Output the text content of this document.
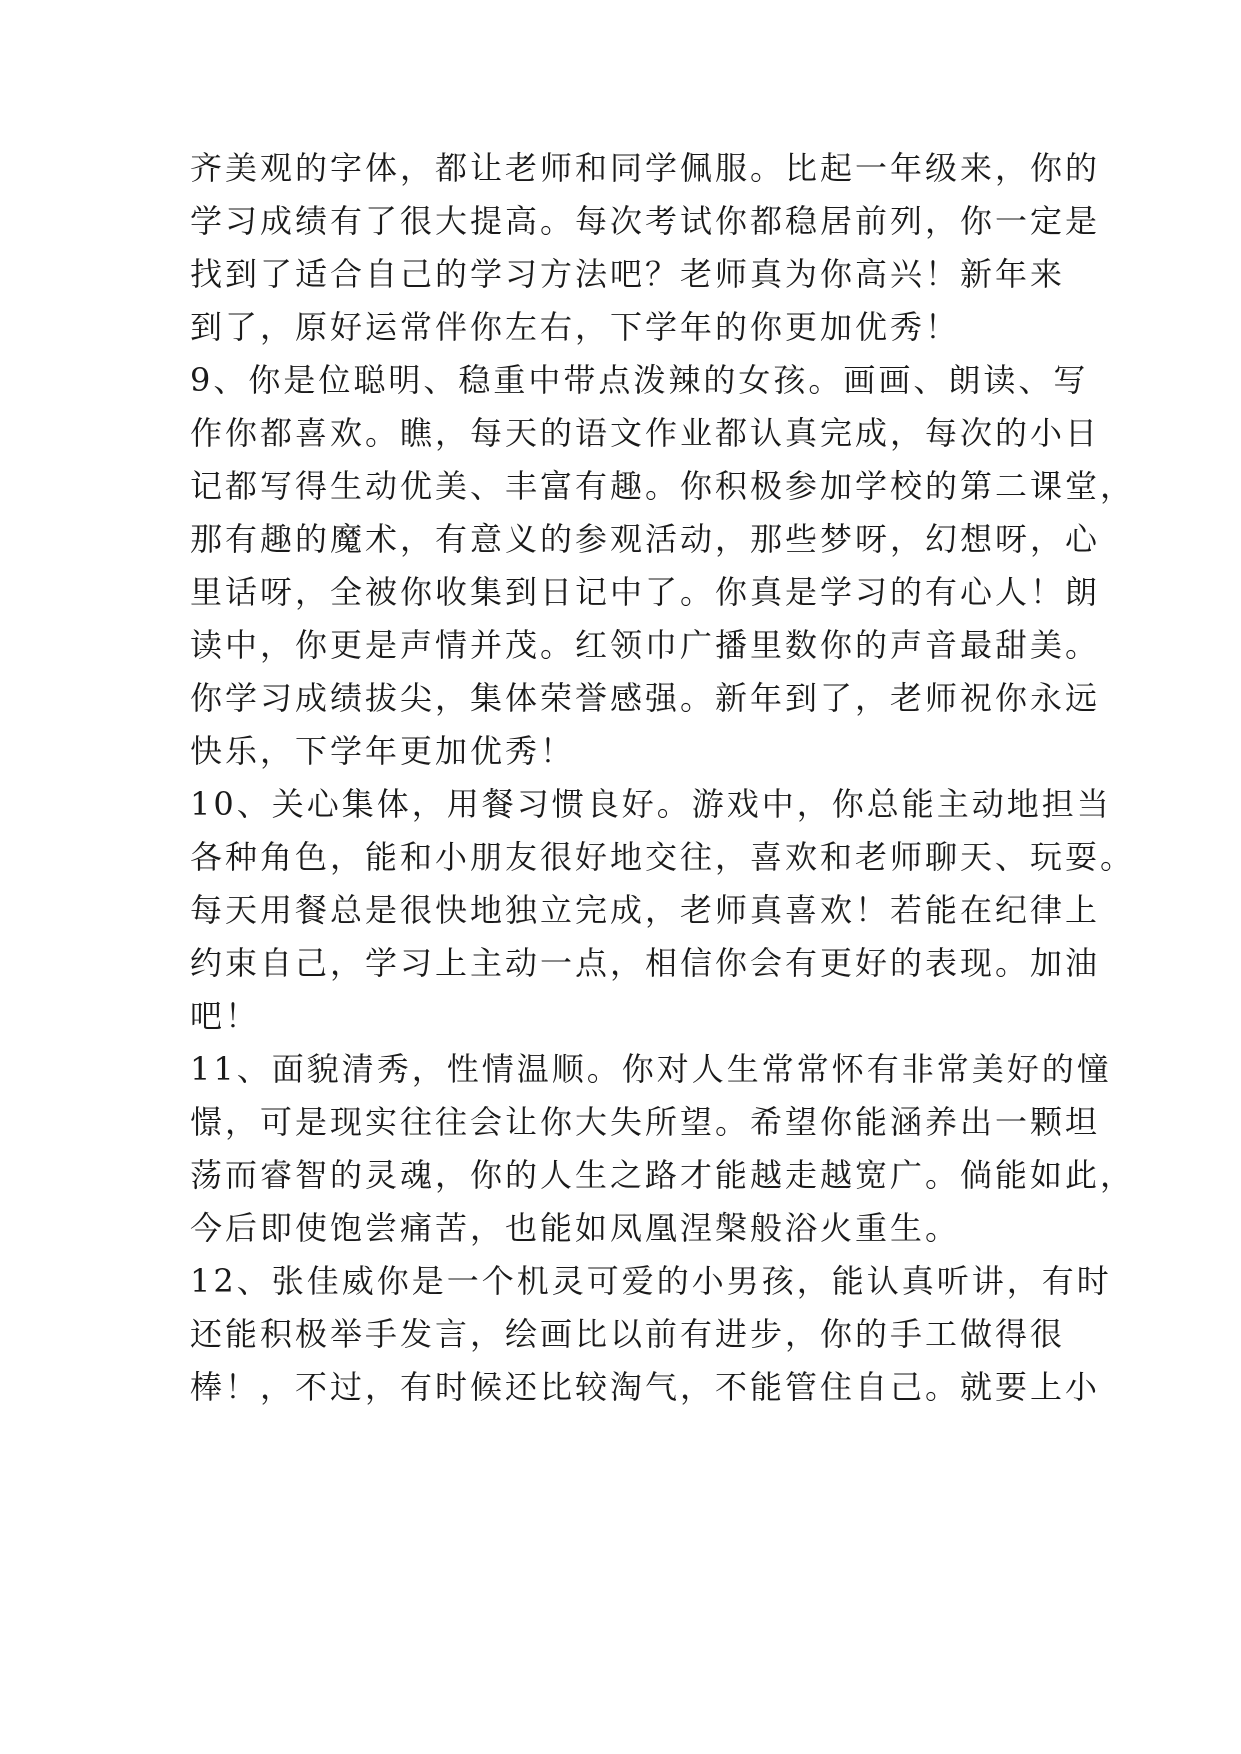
齐美观的字体，都让老师和同学佩服。比起一年级来，你的
学习成绩有了很大提高。每次考试你都稳居前列，你一定是
找到了适合自己的学习方法吧？老师真为你高兴！新年来
到了，原好运常伴你左右，下学年的你更加优秀！
9、你是位聪明、稳重中带点泼辣的女孩。画画、朗读、写
作你都喜欢。瞧，每天的语文作业都认真完成，每次的小日
记都写得生动优美、丰富有趣。你积极参加学校的第二课堂，
那有趣的魔术，有意义的参观活动，那些梦呀，幻想呀，心
里话呀，全被你收集到日记中了。你真是学习的有心人！朗
读中，你更是声情并茂。红领巾广播里数你的声音最甜美。
你学习成绩拔尖，集体荣誉感强。新年到了，老师祝你永远
快乐，下学年更加优秀！
10、关心集体，用餐习惯良好。游戏中，你总能主动地担当
各种角色，能和小朋友很好地交往，喜欢和老师聊天、玩耍。
每天用餐总是很快地独立完成，老师真喜欢！若能在纪律上
约束自己，学习上主动一点，相信你会有更好的表现。加油
吧！
11、面貌清秀，性情温顺。你对人生常常怀有非常美好的憧
憬，可是现实往往会让你大失所望。希望你能涵养出一颗坦
荡而睿智的灵魂，你的人生之路才能越走越宽广。倘能如此，
今后即使饱尝痛苦，也能如凤凰涅槃般浴火重生。
12、张佳威你是一个机灵可爱的小男孩，能认真听讲，有时
还能积极举手发言，绘画比以前有进步，你的手工做得很
棒！，不过，有时候还比较淘气，不能管住自己。就要上小
